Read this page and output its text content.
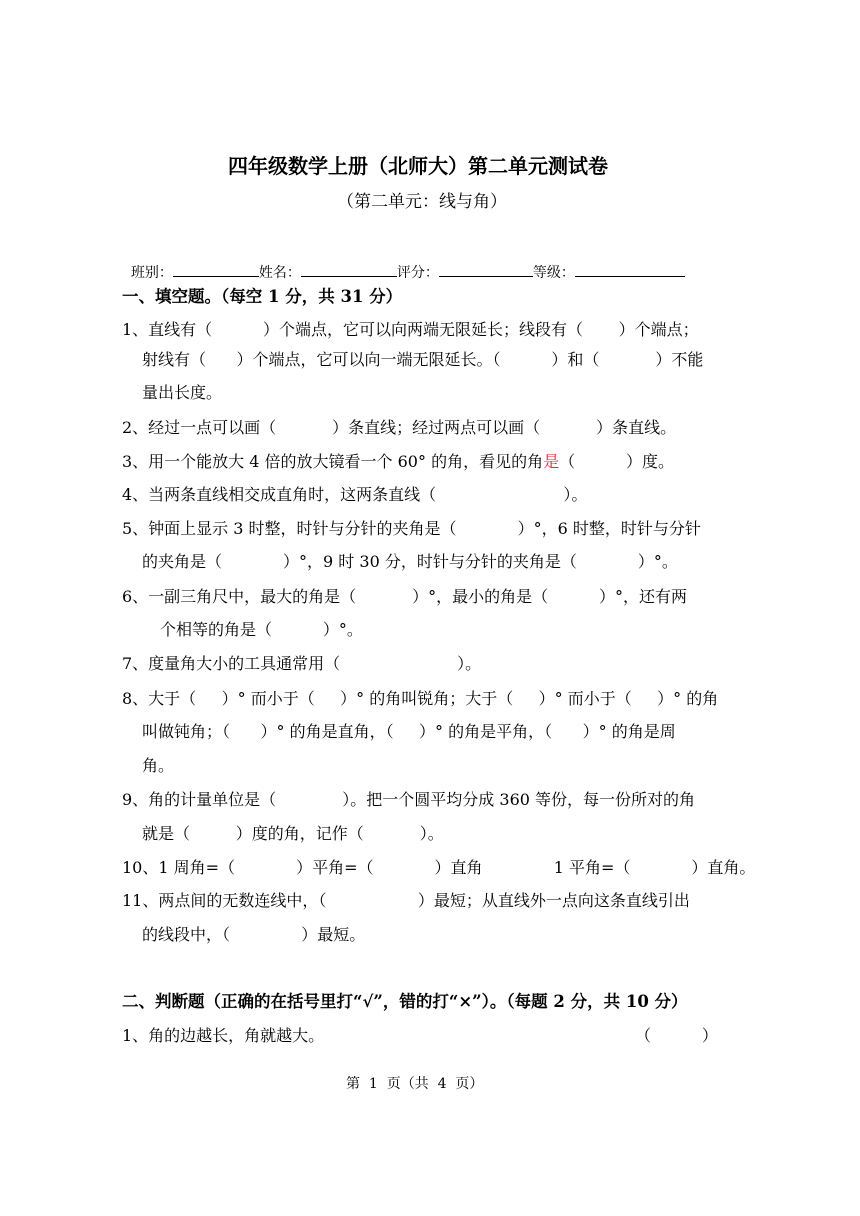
四年级数学上册（北师大）第二单元测试卷
（第二单元：线与角）

班别：	姓名：	评分：	等级：

一、填空题。（每空 1 分，共 31 分）
1、直线有（          ）个端点，它可以向两端无限延长；线段有（       ）个端点；
射线有（      ）个端点，它可以向一端无限延长。（          ）和（           ）不能
量出长度。
2、经过一点可以画（           ）条直线；经过两点可以画（           ）条直线。
3、用一个能放大 4 倍的放大镜看一个 60° 的角，看见的角是（          ）度。
4、当两条直线相交成直角时，这两条直线（                         ）。
5、钟面上显示 3 时整，时针与分针的夹角是（            ）°，6 时整，时针与分针
的夹角是（            ）°，9 时 30 分，时针与分针的夹角是（            ）°。
6、一副三角尺中，最大的角是（           ）°，最小的角是（          ）°，还有两
个相等的角是（          ）°。
7、度量角大小的工具通常用（                       ）。
8、大于（     ）° 而小于（     ）° 的角叫锐角；大于（     ）° 而小于（     ）° 的角
叫做钝角；（      ）° 的角是直角，（     ）° 的角是平角，（      ）° 的角是周
角。
9、角的计量单位是（             ）。把一个圆平均分成 360 等份，每一份所对的角
就是（         ）度的角，记作（           ）。
10、1 周角=（            ）平角=（            ）直角              1 平角=（            ）直角。
11、两点间的无数连线中，（                  ）最短；从直线外一点向这条直线引出
的线段中，（              ）最短。
二、判断题（正确的在括号里打“√”，错的打“×”）。（每题 2 分，共 10 分）
1、角的边越长，角就越大。	（          ）
第  1  页（共  4  页）
